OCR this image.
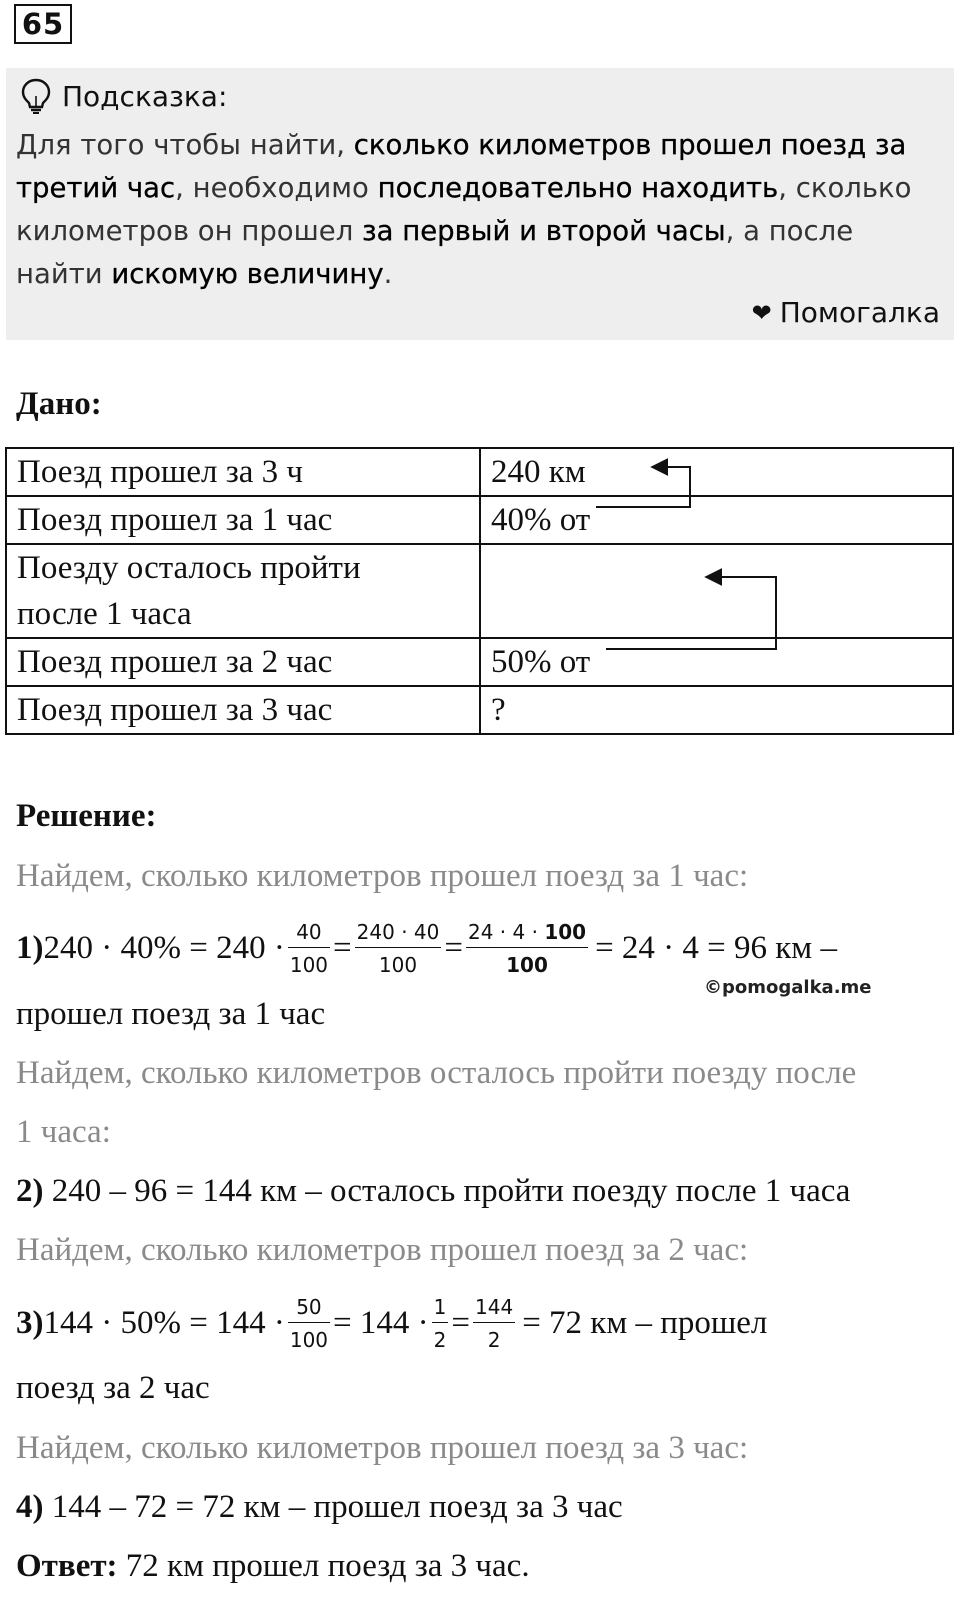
65
Подсказка:
Для того чтобы найти, сколько километров прошел поезд за третий час, необходимо последовательно находить, сколько километров он прошел за первый и второй часы, а после найти искомую величину.
❤ Помогалка
Дано:
Поезд прошел за 3 ч	240 км
Поезд прошел за 1 час	40% от

Поезду осталось пройти
после 1 часа	

Поезд прошел за 2 час	50% от
Поезд прошел за 3 час	?
Решение:
Найдем, сколько километров прошел поезд за 1 час:
1) $240 \cdot 40\% = 240 \cdot \frac{40}{100} = \frac{240 \cdot 40}{100} = \frac{24 \cdot 4 \cdot 100}{100} = 24 \cdot 4 = 96$ км –
©pomogalka.me
прошел поезд за 1 час
Найдем, сколько километров осталось пройти поезду после
1 часа:
2) 240 – 96 = 144 км – осталось пройти поезду после 1 часа
Найдем, сколько километров прошел поезд за 2 час:
3) $144 \cdot 50\% = 144 \cdot \frac{50}{100} = 144 \cdot \frac{1}{2} = \frac{144}{2} = 72$ км – прошел
поезд за 2 час
Найдем, сколько километров прошел поезд за 3 час:
4) 144 – 72 = 72 км – прошел поезд за 3 час
Ответ: 72 км прошел поезд за 3 час.
